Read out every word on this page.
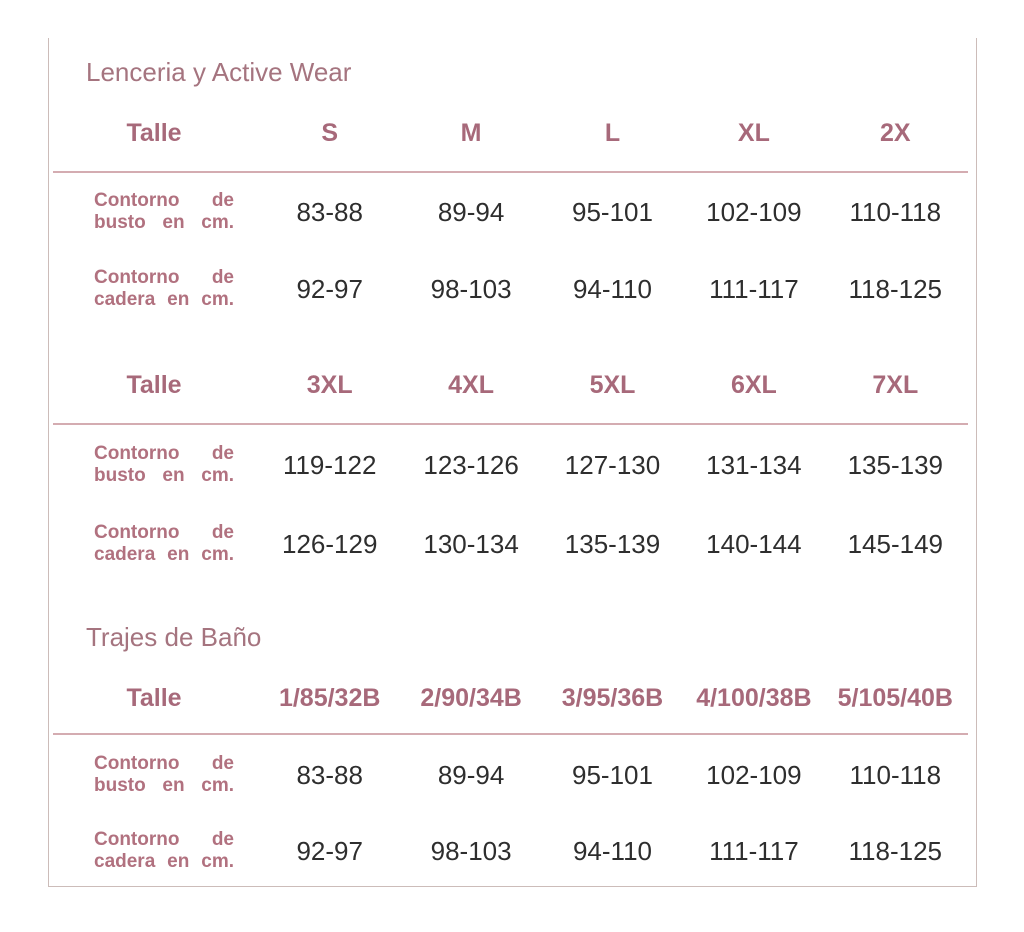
Lenceria y Active Wear
Talle	S	M	L	XL	2X
Contorno de
busto en cm.	83-88	89-94	95-101	102-109	110-118
Contorno de
cadera en cm.	92-97	98-103	94-110	111-117	118-125
Talle	3XL	4XL	5XL	6XL	7XL
Contorno de
busto en cm.	119-122	123-126	127-130	131-134	135-139
Contorno de
cadera en cm.	126-129	130-134	135-139	140-144	145-149
Trajes de Baño
Talle	1/85/32B	2/90/34B	3/95/36B	4/100/38B	5/105/40B
Contorno de
busto en cm.	83-88	89-94	95-101	102-109	110-118
Contorno de
cadera en cm.	92-97	98-103	94-110	111-117	118-125
